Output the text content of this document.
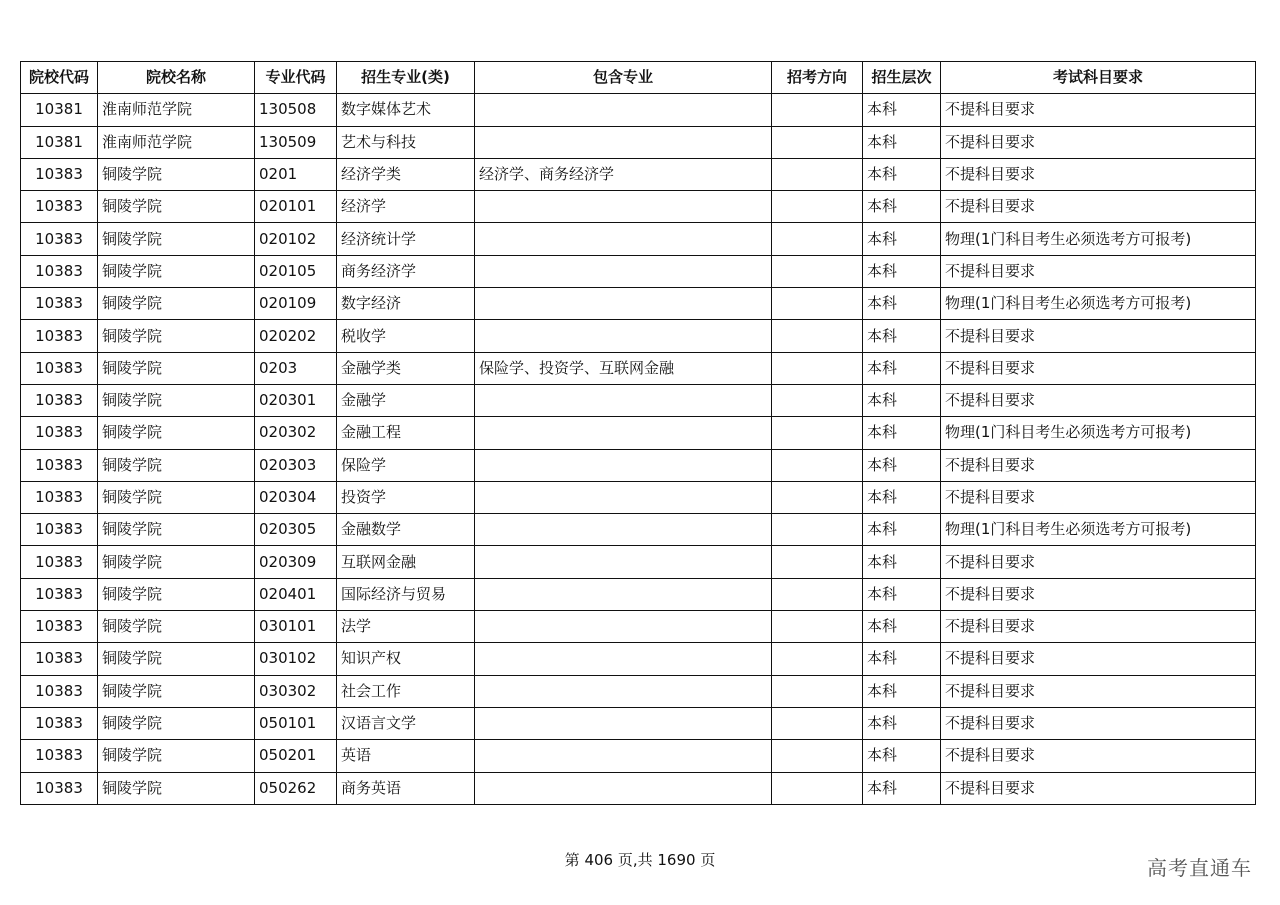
院校代码	院校名称	专业代码	招生专业(类)	包含专业	招考方向	招生层次	考试科目要求
10381	淮南师范学院	130508	数字媒体艺术			本科	不提科目要求
10381	淮南师范学院	130509	艺术与科技			本科	不提科目要求
10383	铜陵学院	0201	经济学类	经济学、商务经济学		本科	不提科目要求
10383	铜陵学院	020101	经济学			本科	不提科目要求
10383	铜陵学院	020102	经济统计学			本科	物理(1门科目考生必须选考方可报考)
10383	铜陵学院	020105	商务经济学			本科	不提科目要求
10383	铜陵学院	020109	数字经济			本科	物理(1门科目考生必须选考方可报考)
10383	铜陵学院	020202	税收学			本科	不提科目要求
10383	铜陵学院	0203	金融学类	保险学、投资学、互联网金融		本科	不提科目要求
10383	铜陵学院	020301	金融学			本科	不提科目要求
10383	铜陵学院	020302	金融工程			本科	物理(1门科目考生必须选考方可报考)
10383	铜陵学院	020303	保险学			本科	不提科目要求
10383	铜陵学院	020304	投资学			本科	不提科目要求
10383	铜陵学院	020305	金融数学			本科	物理(1门科目考生必须选考方可报考)
10383	铜陵学院	020309	互联网金融			本科	不提科目要求
10383	铜陵学院	020401	国际经济与贸易			本科	不提科目要求
10383	铜陵学院	030101	法学			本科	不提科目要求
10383	铜陵学院	030102	知识产权			本科	不提科目要求
10383	铜陵学院	030302	社会工作			本科	不提科目要求
10383	铜陵学院	050101	汉语言文学			本科	不提科目要求
10383	铜陵学院	050201	英语			本科	不提科目要求
10383	铜陵学院	050262	商务英语			本科	不提科目要求
第 406 页,共 1690 页	高考直通车
